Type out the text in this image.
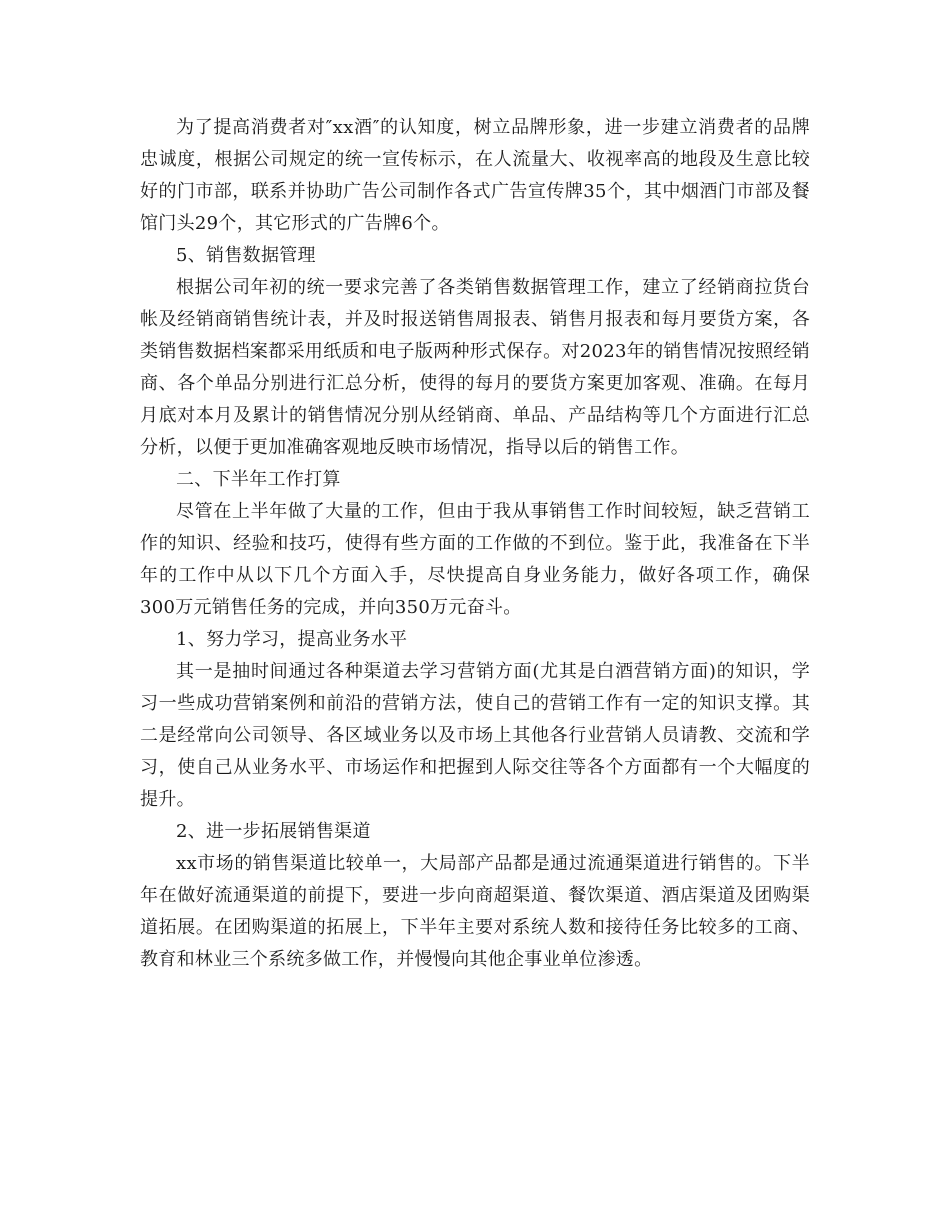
为了提高消费者对″xx酒″的认知度，树立品牌形象，进一步建立消费者的品牌忠诚度，根据公司规定的统一宣传标示，在人流量大、收视率高的地段及生意比较好的门市部，联系并协助广告公司制作各式广告宣传牌35个，其中烟酒门市部及餐馆门头29个，其它形式的广告牌6个。

5、销售数据管理

根据公司年初的统一要求完善了各类销售数据管理工作，建立了经销商拉货台帐及经销商销售统计表，并及时报送销售周报表、销售月报表和每月要货方案，各类销售数据档案都采用纸质和电子版两种形式保存。对2023年的销售情况按照经销商、各个单品分别进行汇总分析，使得的每月的要货方案更加客观、准确。在每月月底对本月及累计的销售情况分别从经销商、单品、产品结构等几个方面进行汇总分析，以便于更加准确客观地反映市场情况，指导以后的销售工作。

二、下半年工作打算

尽管在上半年做了大量的工作，但由于我从事销售工作时间较短，缺乏营销工作的知识、经验和技巧，使得有些方面的工作做的不到位。鉴于此，我准备在下半年的工作中从以下几个方面入手，尽快提高自身业务能力，做好各项工作，确保300万元销售任务的完成，并向350万元奋斗。

1、努力学习，提高业务水平

其一是抽时间通过各种渠道去学习营销方面(尤其是白酒营销方面)的知识，学习一些成功营销案例和前沿的营销方法，使自己的营销工作有一定的知识支撑。其二是经常向公司领导、各区域业务以及市场上其他各行业营销人员请教、交流和学习，使自己从业务水平、市场运作和把握到人际交往等各个方面都有一个大幅度的提升。

2、进一步拓展销售渠道

xx市场的销售渠道比较单一，大局部产品都是通过流通渠道进行销售的。下半年在做好流通渠道的前提下，要进一步向商超渠道、餐饮渠道、酒店渠道及团购渠道拓展。在团购渠道的拓展上，下半年主要对系统人数和接待任务比较多的工商、教育和林业三个系统多做工作，并慢慢向其他企事业单位渗透。
